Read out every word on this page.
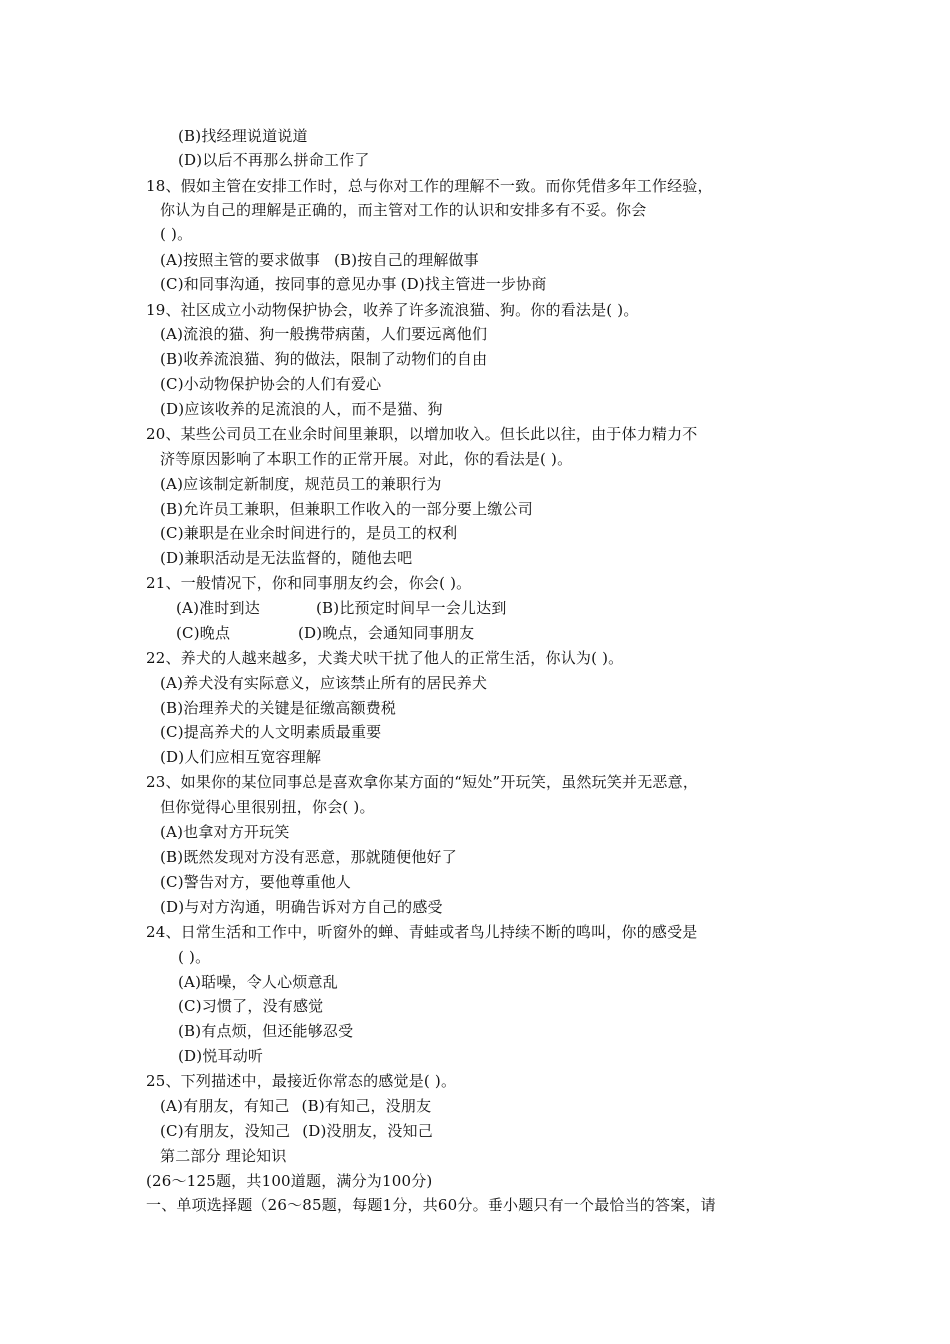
(B)找经理说道说道
(D)以后不再那么拼命工作了
18、假如主管在安排工作时，总与你对工作的理解不一致。而你凭借多年工作经验，
你认为自己的理解是正确的，而主管对工作的认识和安排多有不妥。你会
( )。
(A)按照主管的要求做事 (B)按自己的理解做事
(C)和同事沟通，按同事的意见办事 (D)找主管进一步协商
19、社区成立小动物保护协会，收养了许多流浪猫、狗。你的看法是( )。
(A)流浪的猫、狗一般携带病菌，人们要远离他们
(B)收养流浪猫、狗的做法，限制了动物们的自由
(C)小动物保护协会的人们有爱心
(D)应该收养的足流浪的人，而不是猫、狗
20、某些公司员工在业余时间里兼职，以增加收入。但长此以往，由于体力精力不
济等原因影响了本职工作的正常开展。对此，你的看法是( )。
(A)应该制定新制度，规范员工的兼职行为
(B)允许员工兼职，但兼职工作收入的一部分要上缴公司
(C)兼职是在业余时间进行的，是员工的权利
(D)兼职活动是无法监督的，随他去吧
21、一般情况下，你和同事朋友约会，你会( )。
(A)准时到达	(B)比预定时间早一会儿达到
(C)晚点	(D)晚点，会通知同事朋友
22、养犬的人越来越多，犬粪犬吠干扰了他人的正常生活，你认为( )。
(A)养犬没有实际意义，应该禁止所有的居民养犬
(B)治理养犬的关键是征缴高额费税
(C)提高养犬的人文明素质最重要
(D)人们应相互宽容理解
23、如果你的某位同事总是喜欢拿你某方面的“短处”开玩笑，虽然玩笑并无恶意，
但你觉得心里很别扭，你会( )。
(A)也拿对方开玩笑
(B)既然发现对方没有恶意，那就随便他好了
(C)警告对方，要他尊重他人
(D)与对方沟通，明确告诉对方自己的感受
24、日常生活和工作中，听窗外的蝉、青蛙或者鸟儿持续不断的鸣叫，你的感受是
( )。
(A)聒噪，令人心烦意乱
(C)习惯了，没有感觉
(B)有点烦，但还能够忍受
(D)悦耳动听
25、下列描述中，最接近你常态的感觉是( )。
(A)有朋友，有知己 (B)有知己，没朋友
(C)有朋友，没知己 (D)没朋友，没知己
第二部分 理论知识
(26～125题，共100道题，满分为100分)
一、单项选择题（26～85题，每题1分，共60分。垂小题只有一个最恰当的答案，请
